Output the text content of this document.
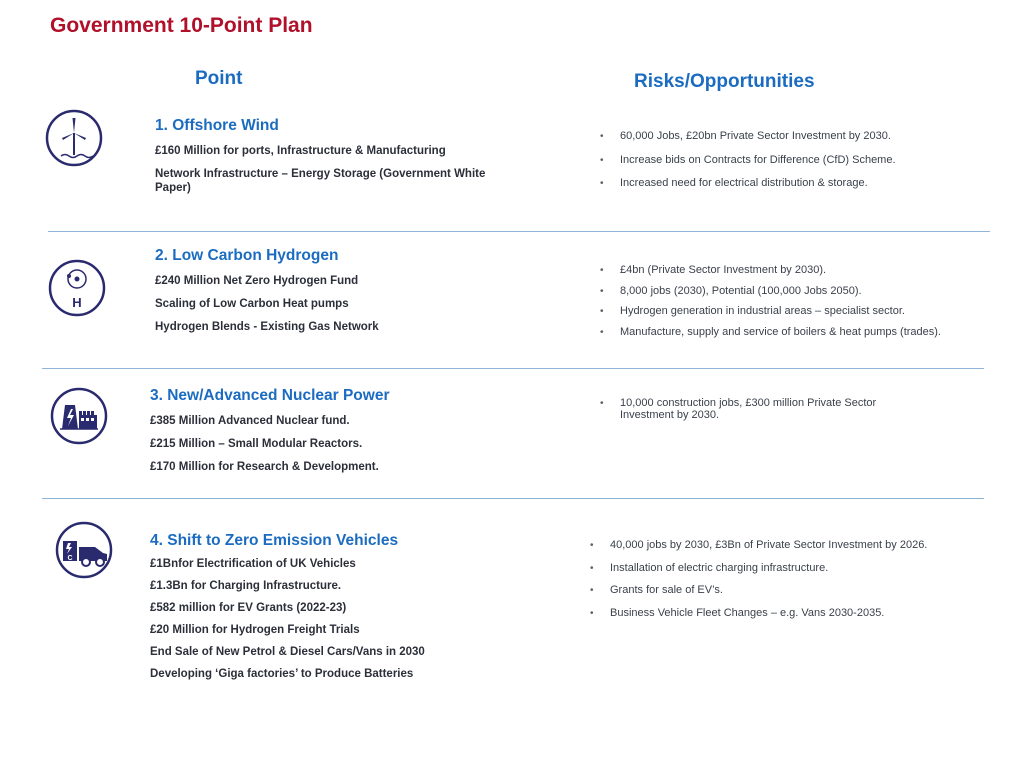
Government 10-Point Plan
Point	Risks/Opportunities
1. Offshore Wind
£160 Million for ports, Infrastructure & Manufacturing
Network Infrastructure – Energy Storage (Government White Paper)
• 60,000 Jobs, £20bn Private Sector Investment by 2030.
• Increase bids on Contracts for Difference (CfD) Scheme.
• Increased need for electrical distribution & storage.
H
2. Low Carbon Hydrogen
£240 Million Net Zero Hydrogen Fund
Scaling of Low Carbon Heat pumps
Hydrogen Blends - Existing Gas Network
• £4bn (Private Sector Investment by 2030).
• 8,000 jobs (2030), Potential (100,000 Jobs 2050).
• Hydrogen generation in industrial areas – specialist sector.
• Manufacture, supply and service of boilers & heat pumps (trades).
3. New/Advanced Nuclear Power
£385 Million Advanced Nuclear fund.
£215 Million – Small Modular Reactors.
£170 Million for Research & Development.
• 10,000 construction jobs, £300 million Private Sector Investment by 2030.
C
4. Shift to Zero Emission Vehicles
£1Bnfor Electrification of UK Vehicles
£1.3Bn for Charging Infrastructure.
£582 million for EV Grants (2022-23)
£20 Million for Hydrogen Freight Trials
End Sale of New Petrol & Diesel Cars/Vans in 2030
Developing ‘Giga factories’ to Produce Batteries
• 40,000 jobs by 2030, £3Bn of Private Sector Investment by 2026.
• Installation of electric charging infrastructure.
• Grants for sale of EV’s.
• Business Vehicle Fleet Changes – e.g. Vans 2030-2035.
